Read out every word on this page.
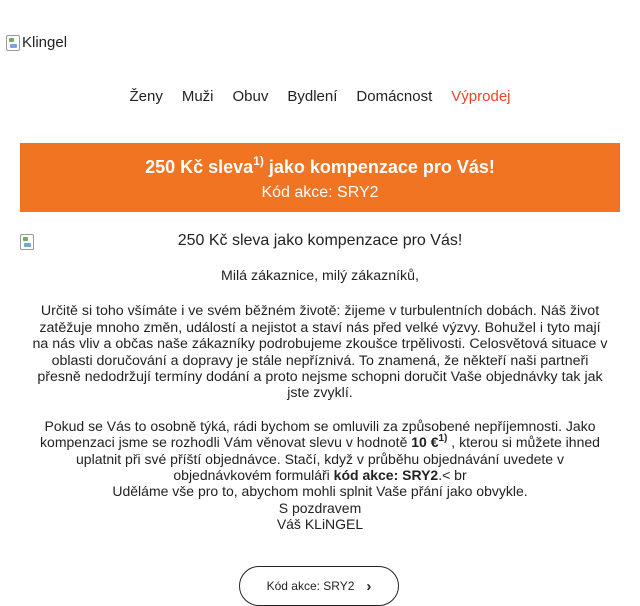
Klingel
Ženy Muži Obuv Bydlení Domácnost Výprodej
250 Kč sleva$^{1)}$ jako kompenzace pro Vás!
Kód akce: SRY2
250 Kč sleva jako kompenzace pro Vás!

Milá zákaznice, milý zákazníků,

Určitě si toho všímáte i ve svém běžném životě: žijeme v turbulentních dobách. Náš život zatěžuje mnoho změn, událostí a nejistot a staví nás před velké výzvy. Bohužel i tyto mají na nás vliv a občas naše zákazníky podrobujeme zkoušce trpělivosti. Celosvětová situace v oblasti doručování a dopravy je stále nepříznivá. To znamená, že někteří naši partneři přesně nedodržují termíny dodání a proto nejsme schopni doručit Vaše objednávky tak jak jste zvyklí.

Pokud se Vás to osobně týká, rádi bychom se omluvili za způsobené nepříjemnosti. Jako kompenzaci jsme se rozhodli Vám věnovat slevu v hodnotě 10 €$^{1)}$ , kterou si můžete ihned uplatnit při své příští objednávce. Stačí, když v průběhu objednávání uvedete v objednávkovém formuláři kód akce: SRY2.< br

Uděláme vše pro to, abychom mohli splnit Vaše přání jako obvykle.

S pozdravem

Váš KLiNGEL

Kód akce: SRY2 ›
